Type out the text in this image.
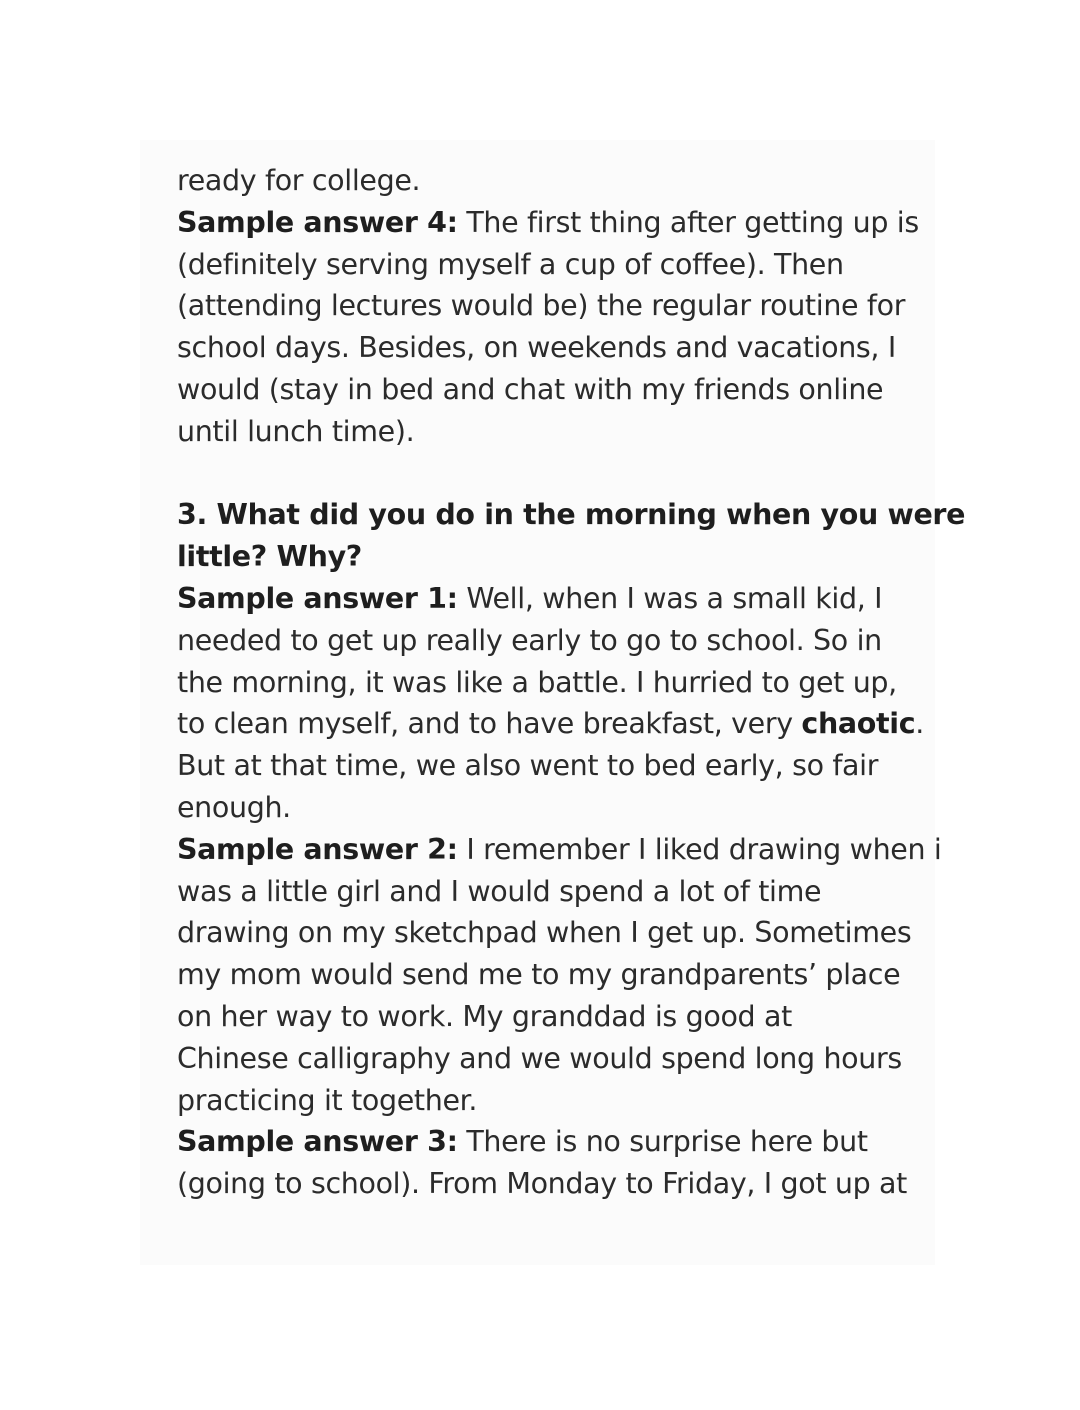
ready for college.
Sample answer 4: The first thing after getting up is
(definitely serving myself a cup of coffee). Then
(attending lectures would be) the regular routine for
school days. Besides, on weekends and vacations, I
would (stay in bed and chat with my friends online
until lunch time).
3. What did you do in the morning when you were
little? Why?
Sample answer 1: Well, when I was a small kid, I
needed to get up really early to go to school. So in
the morning, it was like a battle. I hurried to get up,
to clean myself, and to have breakfast, very chaotic.
But at that time, we also went to bed early, so fair
enough.
Sample answer 2: I remember I liked drawing when i
was a little girl and I would spend a lot of time
drawing on my sketchpad when I get up. Sometimes
my mom would send me to my grandparents’ place
on her way to work. My granddad is good at
Chinese calligraphy and we would spend long hours
practicing it together.
Sample answer 3: There is no surprise here but
(going to school). From Monday to Friday, I got up at
